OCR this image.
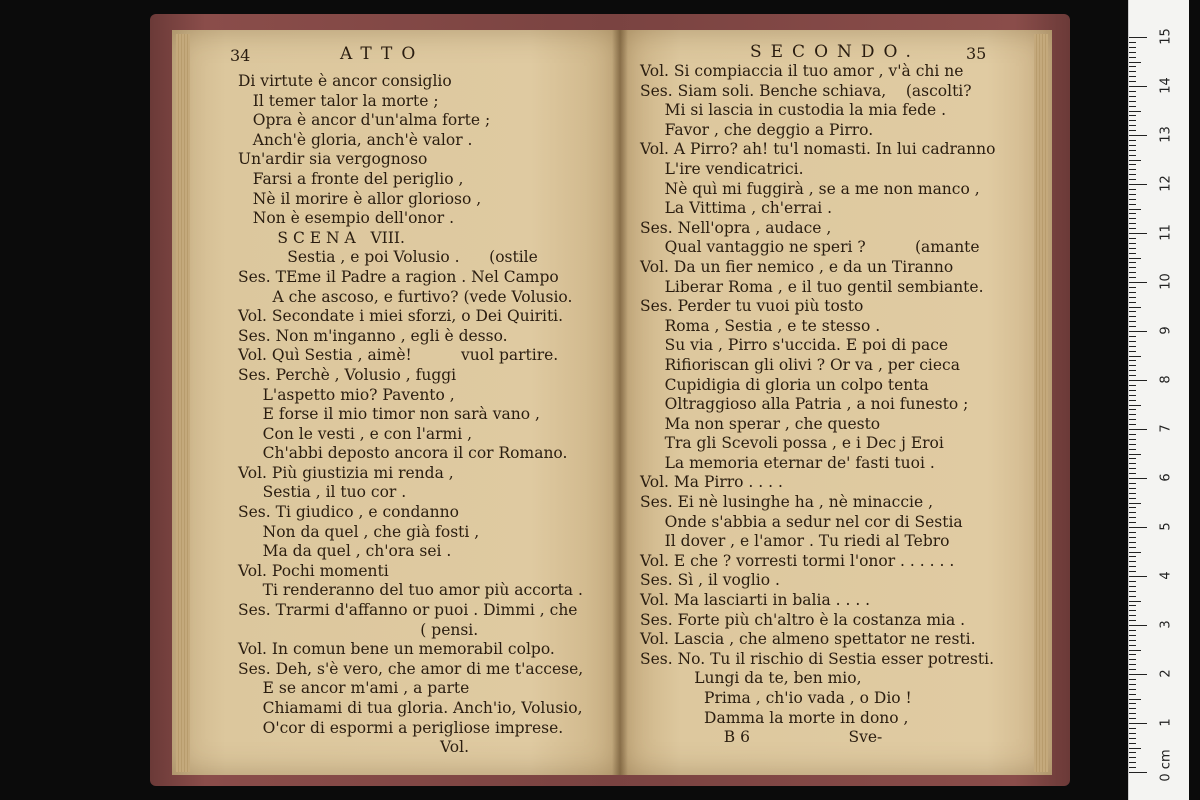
34	ATTO	SECONDO.	35
Di virtute è ancor consiglio
Il temer talor la morte ;
Opra è ancor d'un'alma forte ;
Anch'è gloria, anch'è valor .
Un'ardir sia vergognoso
Farsi a fronte del periglio ,
Nè il morire è allor glorioso ,
Non è esempio dell'onor .
S C E N A   VIII.
Sestia , e poi Volusio .      (ostile
Ses. TEme il Padre a ragion . Nel Campo
A che ascoso, e furtivo? (vede Volusio.
Vol. Secondate i miei sforzi, o Dei Quiriti.
Ses. Non m'inganno , egli è desso.
Vol. Quì Sestia , aimè!          vuol partire.
Ses. Perchè , Volusio , fuggi
L'aspetto mio? Pavento ,
E forse il mio timor non sarà vano ,
Con le vesti , e con l'armi ,
Ch'abbi deposto ancora il cor Romano.
Vol. Più giustizia mi renda ,
Sestia , il tuo cor .
Ses. Ti giudico , e condanno
Non da quel , che già fosti ,
Ma da quel , ch'ora sei .
Vol. Pochi momenti
Ti renderanno del tuo amor più accorta .
Ses. Trarmi d'affanno or puoi . Dimmi , che
( pensi.
Vol. In comun bene un memorabil colpo.
Ses. Deh, s'è vero, che amor di me t'accese,
E se ancor m'ami , a parte
Chiamami di tua gloria. Anch'io, Volusio,
O'cor di espormi a perigliose imprese.
Vol.
Vol. Si compiaccia il tuo amor , v'à chi ne
Ses. Siam soli. Benche schiava,    (ascolti?
Mi si lascia in custodia la mia fede .
Favor , che deggio a Pirro.
Vol. A Pirro? ah! tu'l nomasti. In lui cadranno
L'ire vendicatrici.
Nè quì mi fuggirà , se a me non manco ,
La Vittima , ch'errai .
Ses. Nell'opra , audace ,
Qual vantaggio ne speri ?          (amante
Vol. Da un fier nemico , e da un Tiranno
Liberar Roma , e il tuo gentil sembiante.
Ses. Perder tu vuoi più tosto
Roma , Sestia , e te stesso .
Su via , Pirro s'uccida. E poi di pace
Rifioriscan gli olivi ? Or va , per cieca
Cupidigia di gloria un colpo tenta
Oltraggioso alla Patria , a noi funesto ;
Ma non sperar , che questo
Tra gli Scevoli possa , e i Dec j Eroi
La memoria eternar de' fasti tuoi .
Vol. Ma Pirro . . . .
Ses. Ei nè lusinghe ha , nè minaccie ,
Onde s'abbia a sedur nel cor di Sestia
Il dover , e l'amor . Tu riedi al Tebro
Vol. E che ? vorresti tormi l'onor . . . . . .
Ses. Sì , il voglio .
Vol. Ma lasciarti in balia . . . .
Ses. Forte più ch'altro è la costanza mia .
Vol. Lascia , che almeno spettator ne resti.
Ses. No. Tu il rischio di Sestia esser potresti.
Lungi da te, ben mio,
Prima , ch'io vada , o Dio !
Damma la morte in dono ,
B 6                    Sve-
0 cm
1
2
3
4
5
6
7
8
9
10
11
12
13
14
15
